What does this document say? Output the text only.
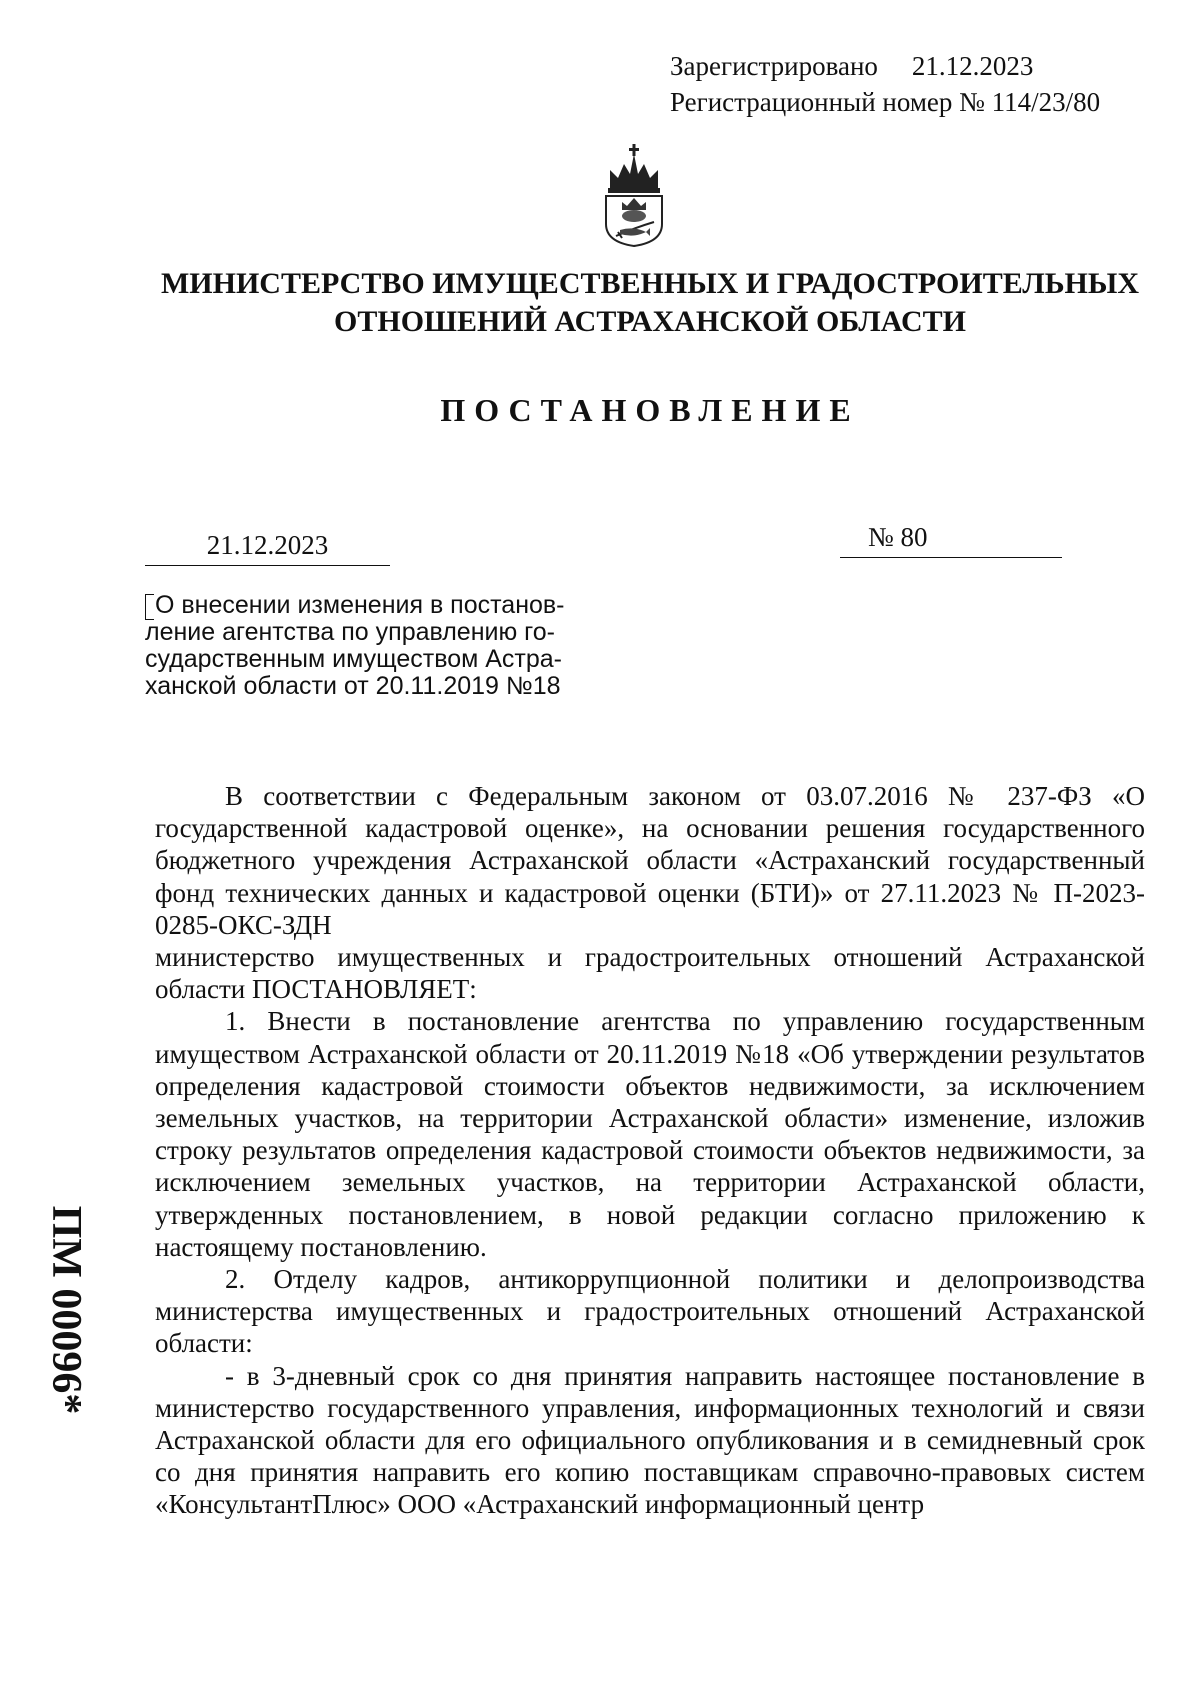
Зарегистрировано 21.12.2023
Регистрационный номер № 114/23/80
МИНИСТЕРСТВО ИМУЩЕСТВЕННЫХ И ГРАДОСТРОИТЕЛЬНЫХ
ОТНОШЕНИЙ АСТРАХАНСКОЙ ОБЛАСТИ
ПОСТАНОВЛЕНИЕ
21.12.2023	№ 80
О внесении изменения в постанов-
ление агентства по управлению го-
сударственным имуществом Астра-
ханской области от 20.11.2019 №18

В соответствии с Федеральным законом от 03.07.2016 № 237-ФЗ «О государственной кадастровой оценке», на основании решения государственного бюджетного учреждения Астраханской области «Астраханский государственный фонд технических данных и кадастровой оценки (БТИ)» от 27.11.2023 № П-2023-0285-ОКС-ЗДН

министерство имущественных и градостроительных отношений Астраханской области ПОСТАНОВЛЯЕТ:

1. Внести в постановление агентства по управлению государственным имуществом Астраханской области от 20.11.2019 №18 «Об утверждении результатов определения кадастровой стоимости объектов недвижимости, за исключением земельных участков, на территории Астраханской области» изменение, изложив строку результатов определения кадастровой стоимости объектов недвижимости, за исключением земельных участков, на территории Астраханской области, утвержденных постановлением, в новой редакции согласно приложению к настоящему постановлению.

2. Отделу кадров, антикоррупционной политики и делопроизводства министерства имущественных и градостроительных отношений Астраханской области:

- в 3-дневный срок со дня принятия направить настоящее постановление в министерство государственного управления, информационных технологий и связи Астраханской области для его официального опубликования и в семидневный срок со дня принятия направить его копию поставщикам справочно-правовых систем «КонсультантПлюс» ООО «Астраханский информационный центр

ПМ 00096*
